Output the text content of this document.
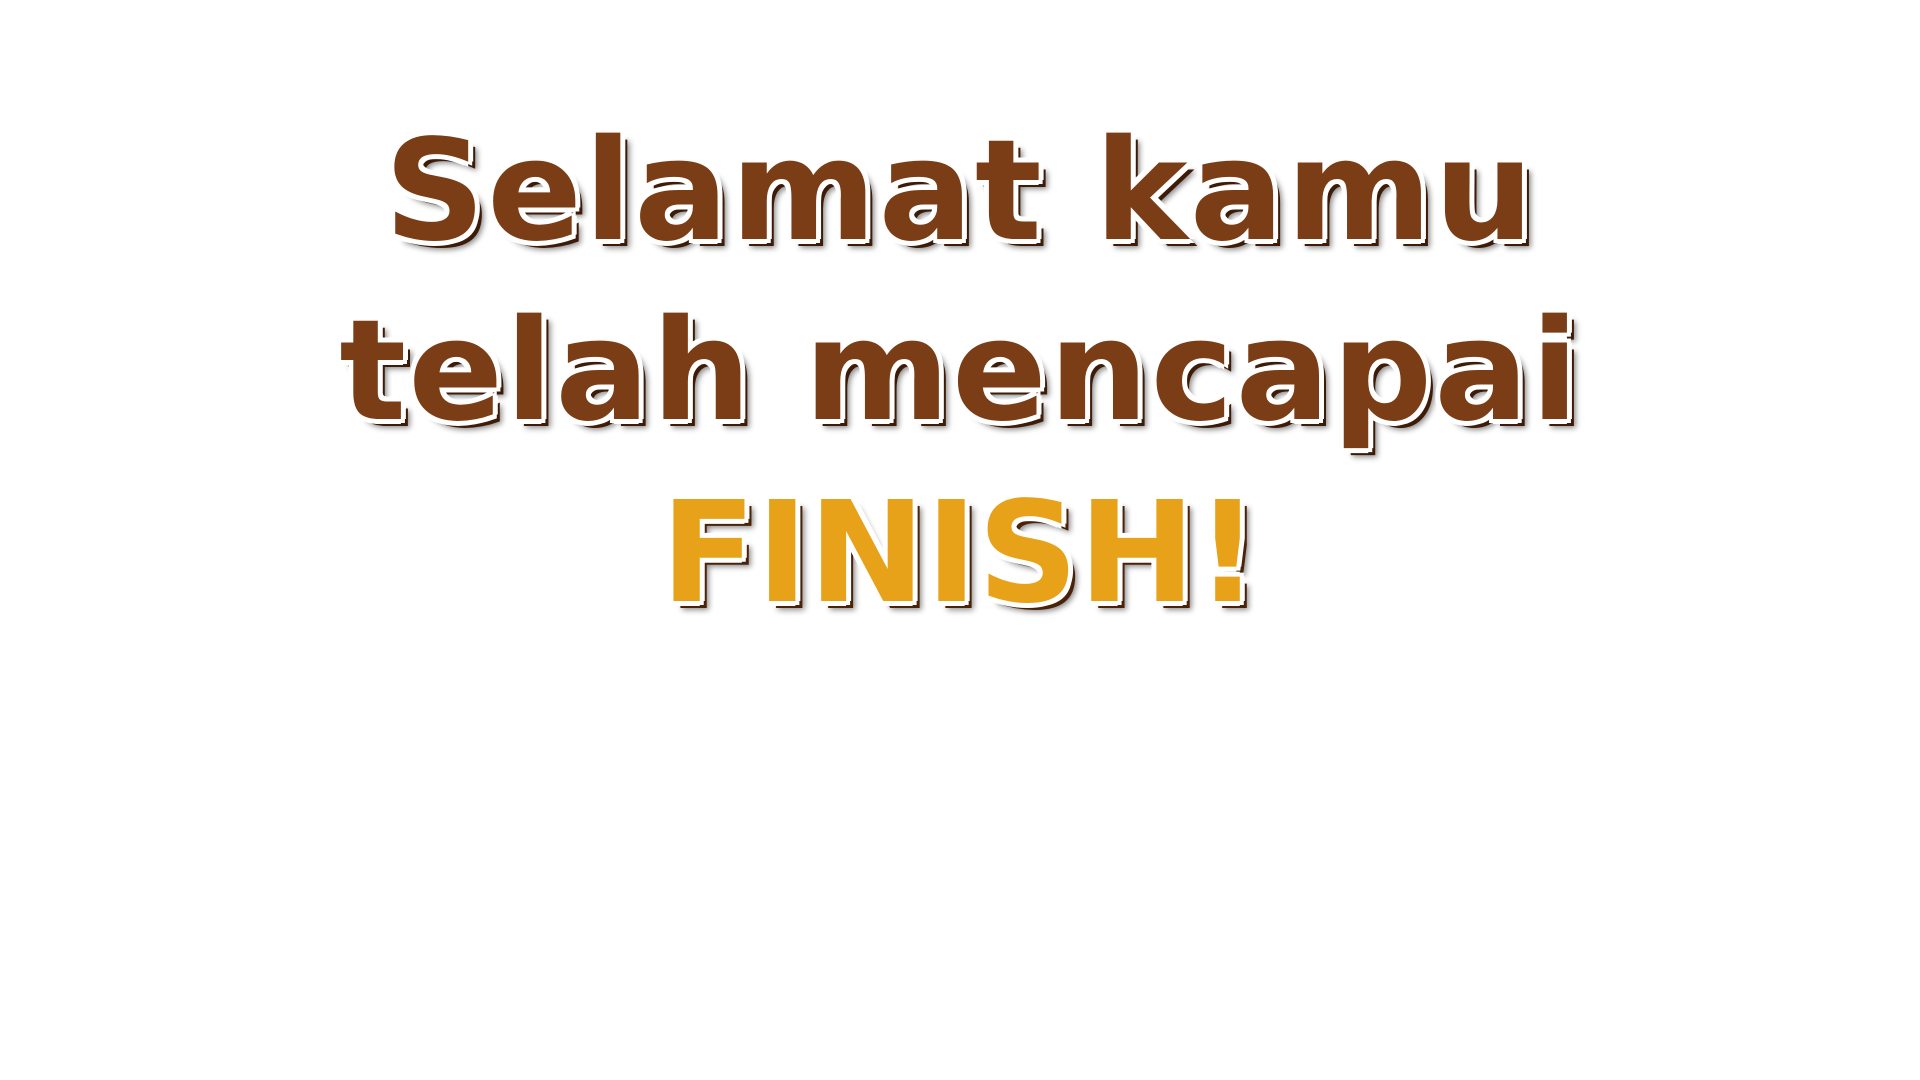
Selamat kamu
telah mencapai
FINISH!
